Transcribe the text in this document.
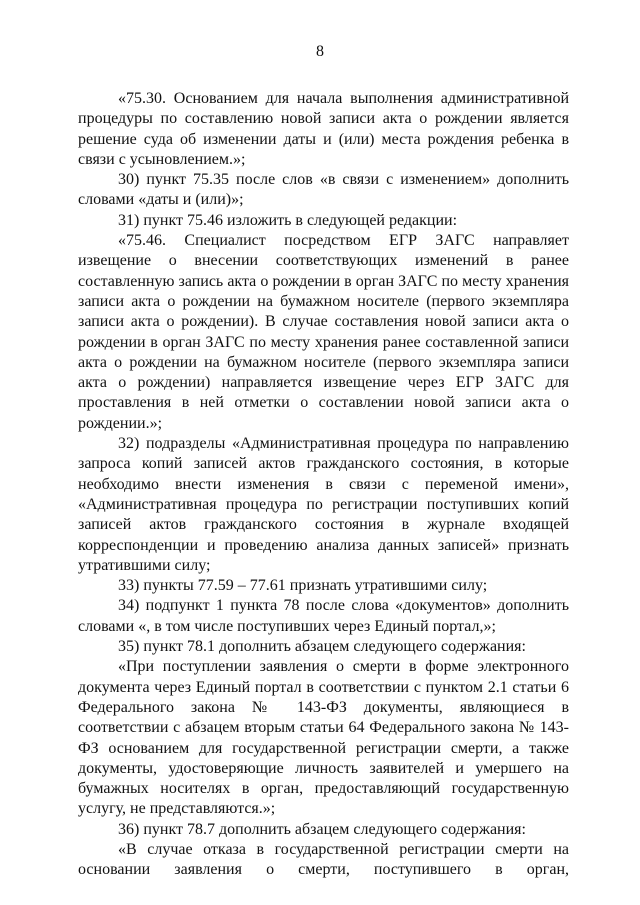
8

«75.30. Основанием для начала выполнения административной процедуры по составлению новой записи акта о рождении является решение суда об изменении даты и (или) места рождения ребенка в связи с усыновлением.»;

30) пункт 75.35 после слов «в связи с изменением» дополнить словами «даты и (или)»;

31) пункт 75.46 изложить в следующей редакции:

«75.46. Специалист посредством ЕГР ЗАГС направляет извещение о внесении соответствующих изменений в ранее составленную запись акта о рождении в орган ЗАГС по месту хранения записи акта о рождении на бумажном носителе (первого экземпляра записи акта о рождении). В случае составления новой записи акта о рождении в орган ЗАГС по месту хранения ранее составленной записи акта о рождении на бумажном носителе (первого экземпляра записи акта о рождении) направляется извещение через ЕГР ЗАГС для проставления в ней отметки о составлении новой записи акта о рождении.»;

32) подразделы «Административная процедура по направлению запроса копий записей актов гражданского состояния, в которые необходимо внести изменения в связи с переменой имени», «Административная процедура по регистрации поступивших копий записей актов гражданского состояния в журнале входящей корреспонденции и проведению анализа данных записей» признать утратившими силу;

33) пункты 77.59 – 77.61 признать утратившими силу;

34) подпункт 1 пункта 78 после слова «документов» дополнить словами «, в том числе поступивших через Единый портал,»;

35) пункт 78.1 дополнить абзацем следующего содержания:

«При поступлении заявления о смерти в форме электронного документа через Единый портал в соответствии с пунктом 2.1 статьи 6 Федерального закона № 143-ФЗ документы, являющиеся в соответствии с абзацем вторым статьи 64 Федерального закона № 143-ФЗ основанием для государственной регистрации смерти, а также документы, удостоверяющие личность заявителей и умершего на бумажных носителях в орган, предоставляющий государственную услугу, не представляются.»;

36) пункт 78.7 дополнить абзацем следующего содержания:

«В случае отказа в государственной регистрации смерти на основании заявления о смерти, поступившего в орган,
